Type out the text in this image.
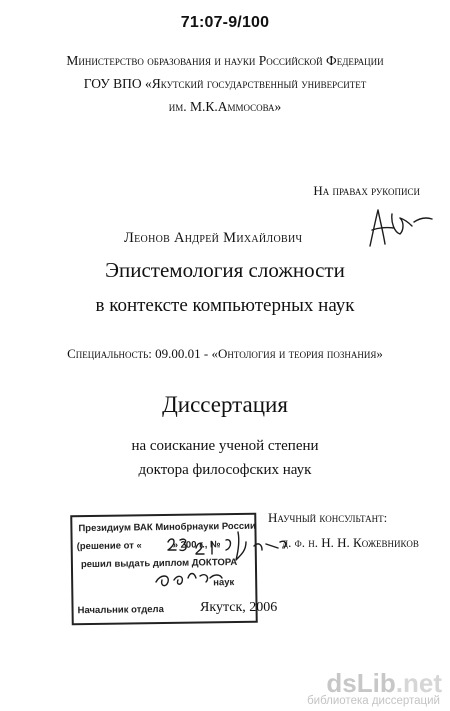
71:07-9/100
Министерство образования и науки Российской Федерации
ГОУ ВПО «Якутский государственный университет
им. М.К.Аммосова»
На правах рукописи
Леонов Андрей Михайлович
Эпистемология сложности
в контексте компьютерных наук
Специальность: 09.00.01 - «Онтология и теория познания»
Диссертация
на соискание ученой степени
доктора философских наук
Научный консультант:
д. ф. н. Н. Н. Кожевников
Президиум ВАК Минобрнауки России
(решение от «	» 200 г., №
решил выдать диплом ДОКТОРА
наук
Начальник отдела	Якутск, 2006
dsLib.net
библиотека диссертаций
